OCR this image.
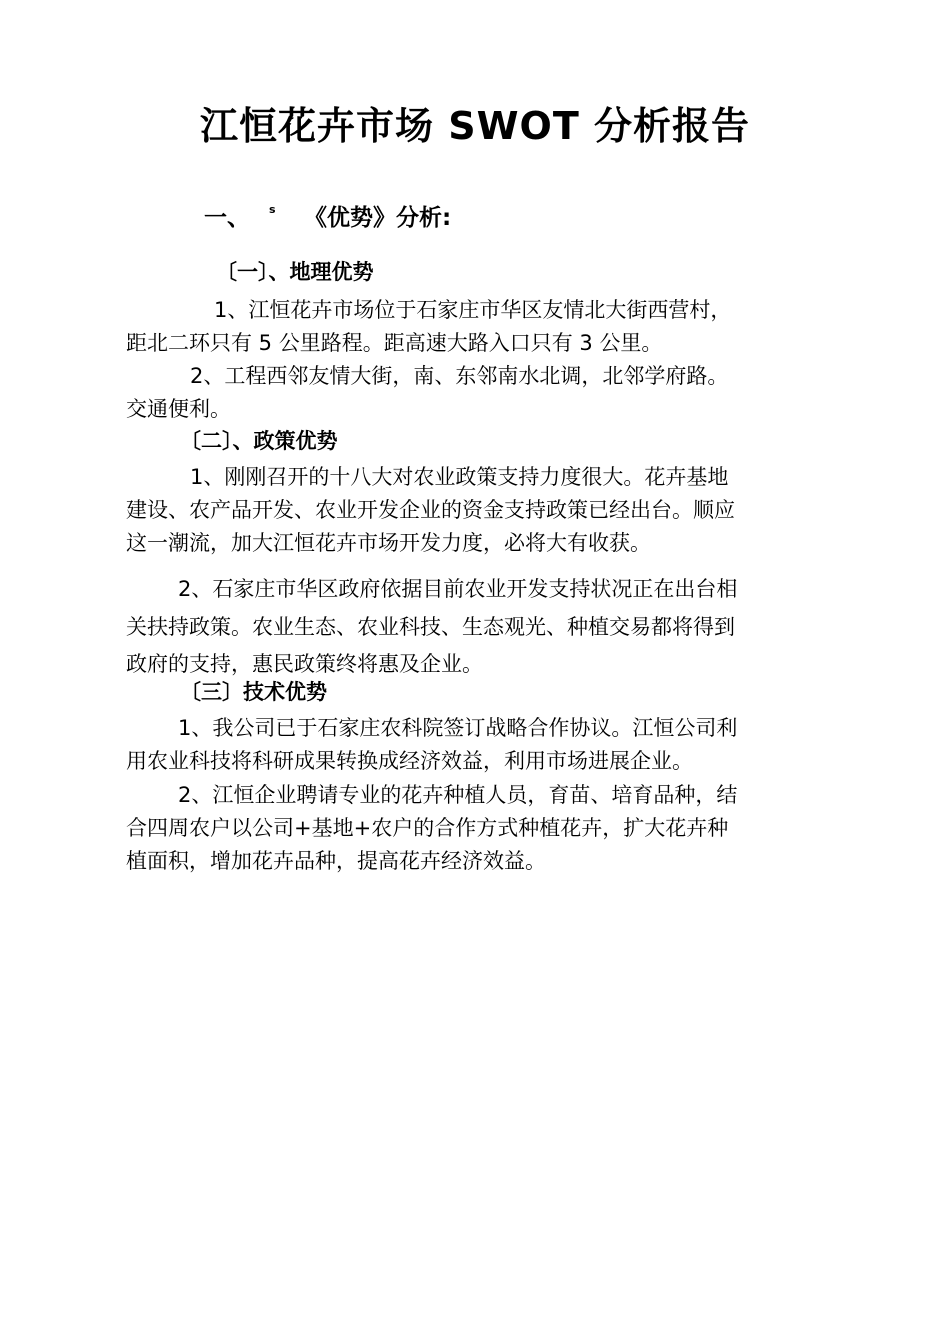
江恒花卉市场 SWOT 分析报告
一、 s 《优势》分析:
〔一〕、地理优势
1、江恒花卉市场位于石家庄市华区友情北大街西营村，
距北二环只有 5 公里路程。距高速大路入口只有 3 公里。
2、工程西邻友情大街，南、东邻南水北调，北邻学府路。
交通便利。
〔二〕、政策优势
1、刚刚召开的十八大对农业政策支持力度很大。花卉基地
建设、农产品开发、农业开发企业的资金支持政策已经出台。顺应
这一潮流，加大江恒花卉市场开发力度，必将大有收获。
2、石家庄市华区政府依据目前农业开发支持状况正在出台相
关扶持政策。农业生态、农业科技、生态观光、种植交易都将得到
政府的支持，惠民政策终将惠及企业。
〔三〕技术优势
1、我公司已于石家庄农科院签订战略合作协议。江恒公司利
用农业科技将科研成果转换成经济效益，利用市场进展企业。
2、江恒企业聘请专业的花卉种植人员，育苗、培育品种，结
合四周农户以公司+基地+农户的合作方式种植花卉，扩大花卉种
植面积，增加花卉品种，提高花卉经济效益。
